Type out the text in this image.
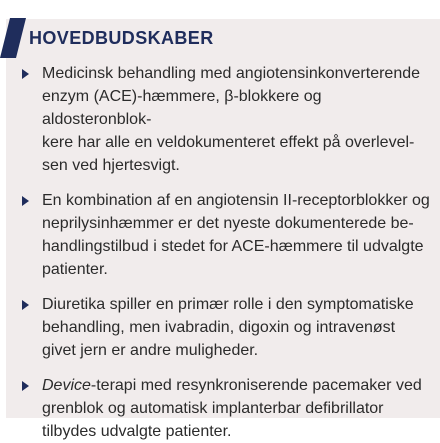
HOVEDBUDSKABER
Medicinsk behandling med angiotensinkonverterende
enzym (ACE)-hæmmere, β-blokkere og aldosteronblok-
kere har alle en veldokumenteret effekt på overlevel-
sen ved hjertesvigt.
En kombination af en angiotensin II-receptorblokker og
neprilysinhæmmer er det nyeste dokumenterede be-
handlingstilbud i stedet for ACE-hæmmere til udvalgte
patienter.
Diuretika spiller en primær rolle i den symptomatiske
behandling, men ivabradin, digoxin og intravenøst
givet jern er andre muligheder.
Device-terapi med resynkroniserende pacemaker ved
grenblok og automatisk implanterbar defibrillator
tilbydes udvalgte patienter.
